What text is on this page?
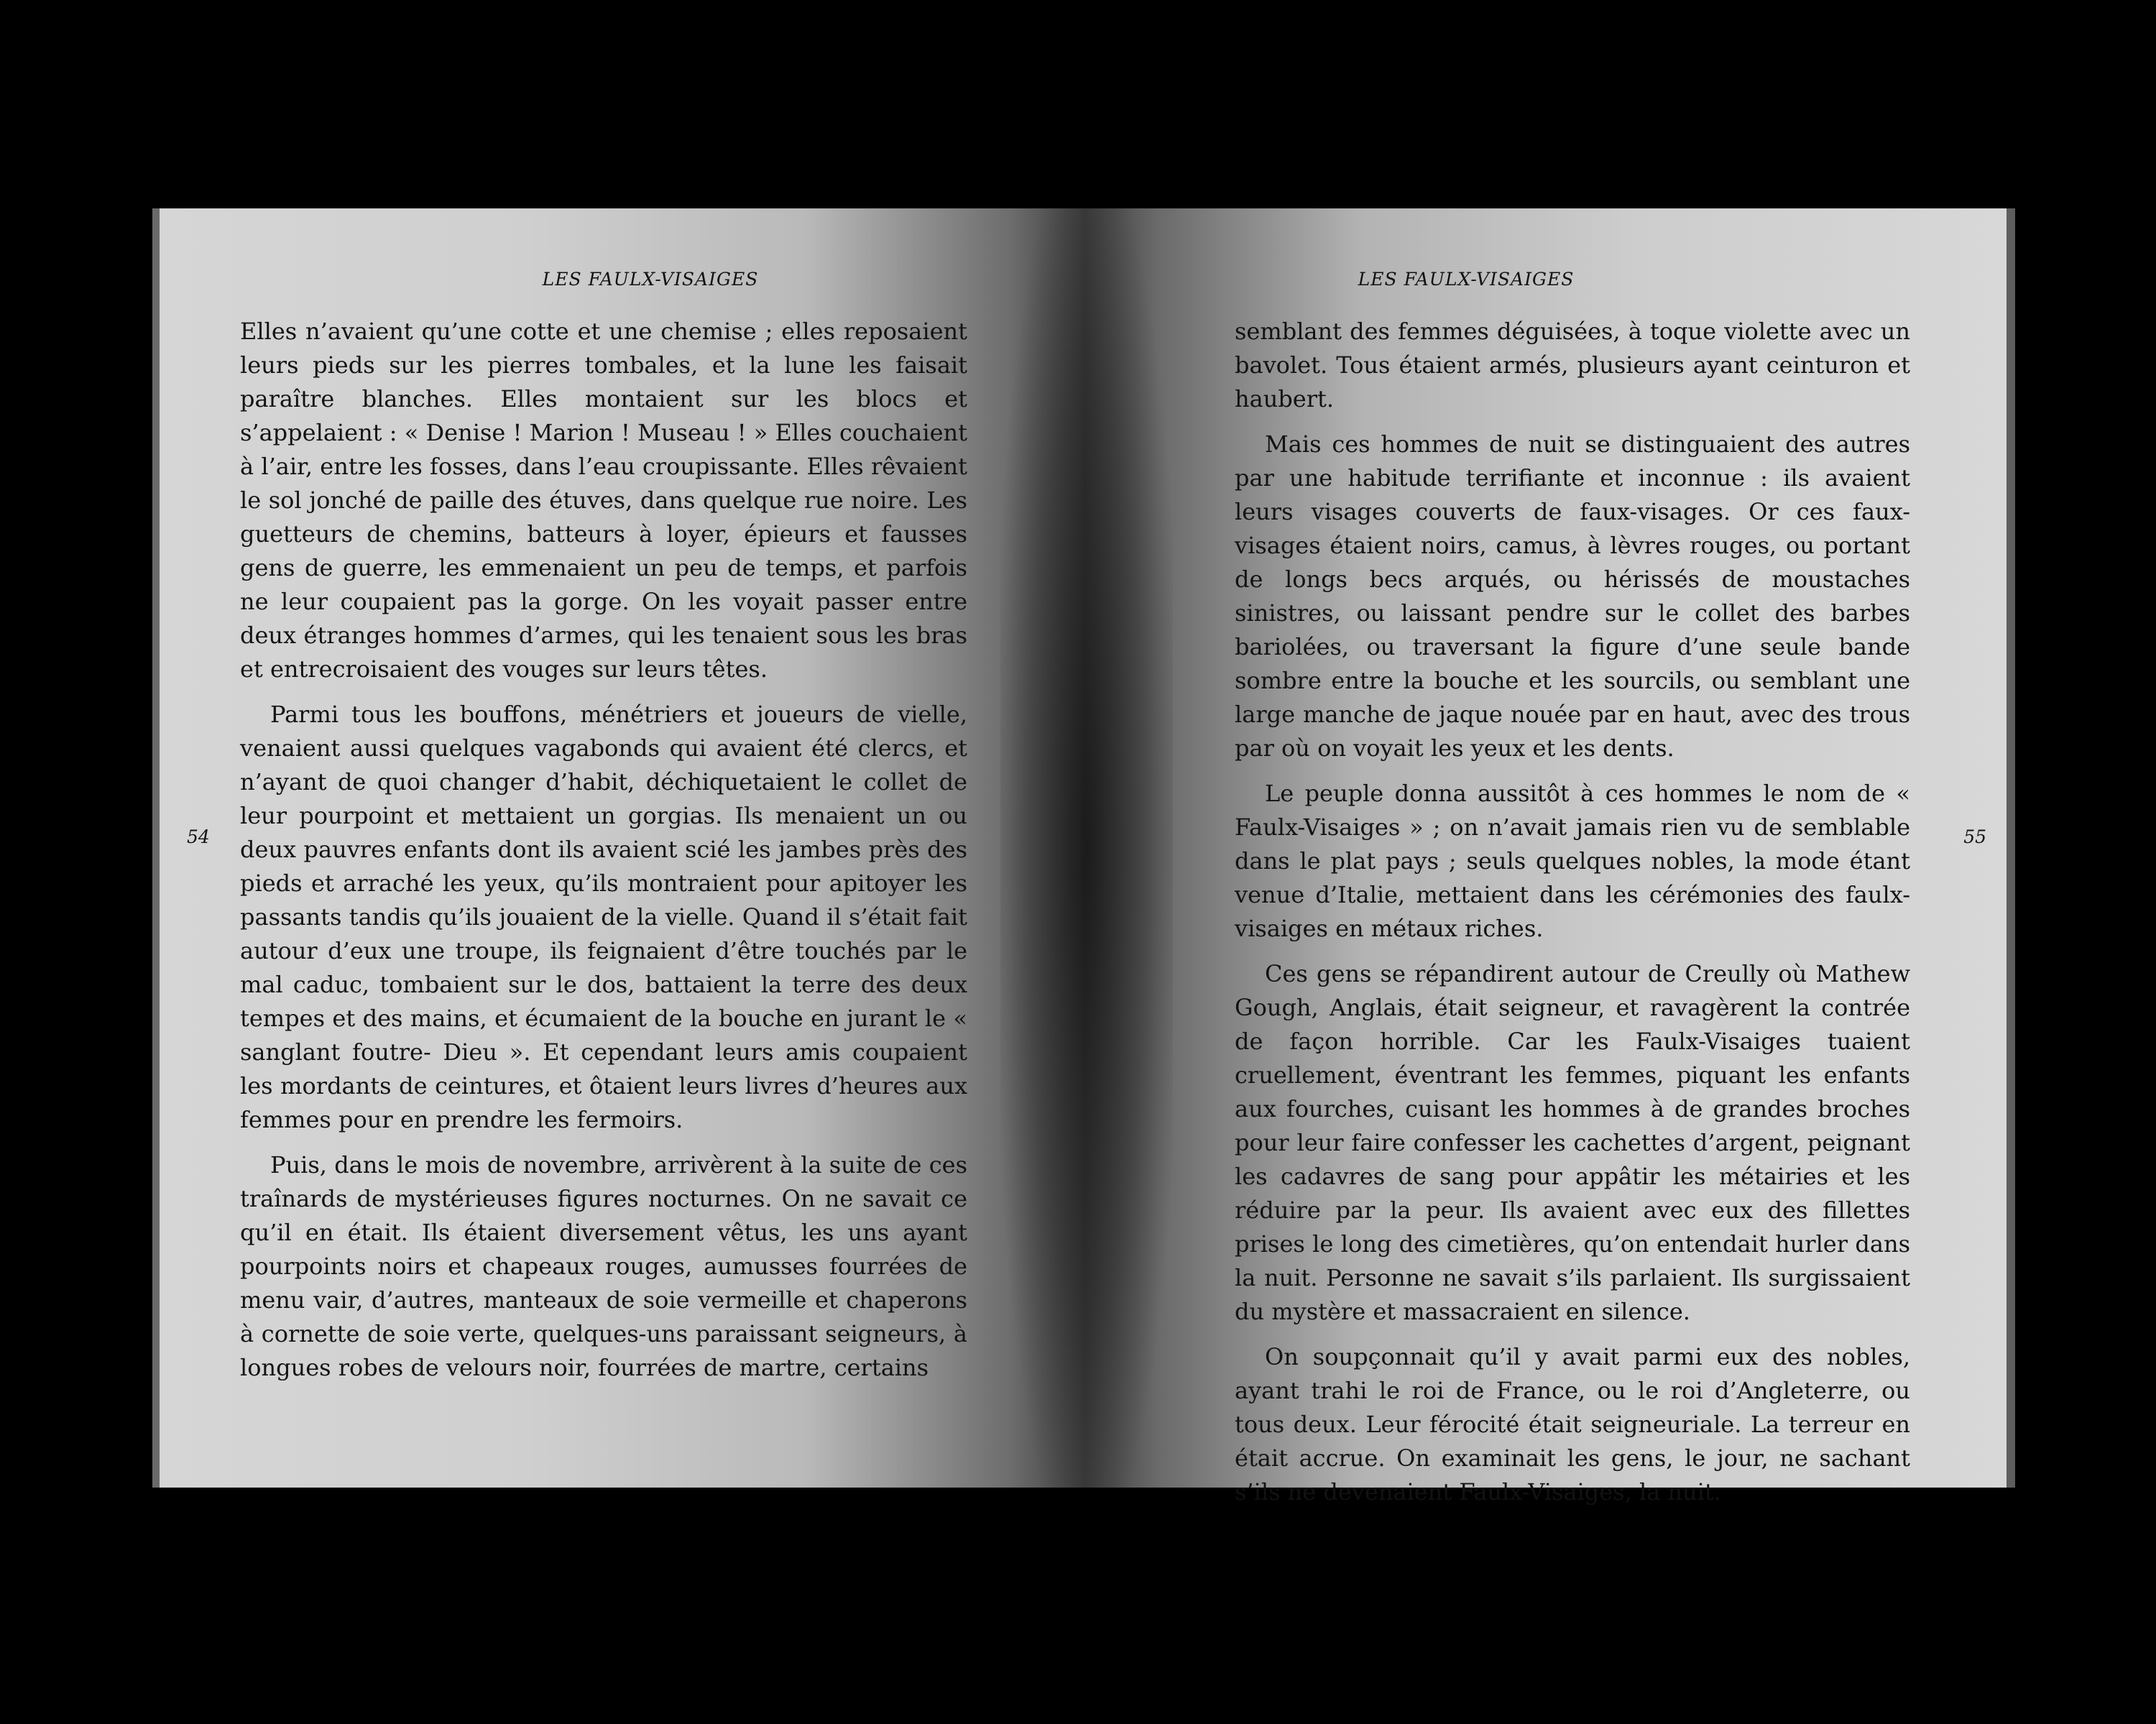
LES FAULX-VISAIGES
54

Elles n’avaient qu’une cotte et une chemise ; elles reposaient leurs pieds sur les pierres tombales, et la lune les faisait paraître blanches. Elles montaient sur les blocs et s’appelaient : « Denise ! Marion ! Museau ! » Elles couchaient à l’air, entre les fosses, dans l’eau croupissante. Elles rêvaient le sol jonché de paille des étuves, dans quelque rue noire. Les guetteurs de chemins, batteurs à loyer, épieurs et fausses gens de guerre, les emmenaient un peu de temps, et parfois ne leur coupaient pas la gorge. On les voyait passer entre deux étranges hommes d’armes, qui les tenaient sous les bras et entrecroisaient des vouges sur leurs têtes.

Parmi tous les bouffons, ménétriers et joueurs de vielle, venaient aussi quelques vagabonds qui avaient été clercs, et n’ayant de quoi changer d’habit, déchiquetaient le collet de leur pourpoint et mettaient un gorgias. Ils menaient un ou deux pauvres enfants dont ils avaient scié les jambes près des pieds et arraché les yeux, qu’ils montraient pour apitoyer les passants tandis qu’ils jouaient de la vielle. Quand il s’était fait autour d’eux une troupe, ils feignaient d’être touchés par le mal caduc, tombaient sur le dos, battaient la terre des deux tempes et des mains, et écumaient de la bouche en jurant le « sanglant foutre- Dieu ». Et cependant leurs amis coupaient les mordants de ceintures, et ôtaient leurs livres d’heures aux femmes pour en prendre les fermoirs.

Puis, dans le mois de novembre, arrivèrent à la suite de ces traînards de mystérieuses figures nocturnes. On ne savait ce qu’il en était. Ils étaient diversement vêtus, les uns ayant pourpoints noirs et chapeaux rouges, aumusses fourrées de menu vair, d’autres, manteaux de soie vermeille et chaperons à cornette de soie verte, quelques-uns paraissant seigneurs, à longues robes de velours noir, fourrées de martre, certains

LES FAULX-VISAIGES
55

semblant des femmes déguisées, à toque violette avec un bavolet. Tous étaient armés, plusieurs ayant ceinturon et haubert.

Mais ces hommes de nuit se distinguaient des autres par une habitude terrifiante et inconnue : ils avaient leurs visages couverts de faux-visages. Or ces faux-visages étaient noirs, camus, à lèvres rouges, ou portant de longs becs arqués, ou hérissés de moustaches sinistres, ou laissant pendre sur le collet des barbes bariolées, ou traversant la figure d’une seule bande sombre entre la bouche et les sourcils, ou semblant une large manche de jaque nouée par en haut, avec des trous par où on voyait les yeux et les dents.

Le peuple donna aussitôt à ces hommes le nom de « Faulx-Visaiges » ; on n’avait jamais rien vu de semblable dans le plat pays ; seuls quelques nobles, la mode étant venue d’Italie, mettaient dans les cérémonies des faulx-visaiges en métaux riches.

Ces gens se répandirent autour de Creully où Mathew Gough, Anglais, était seigneur, et ravagèrent la contrée de façon horrible. Car les Faulx-Visaiges tuaient cruellement, éventrant les femmes, piquant les enfants aux fourches, cuisant les hommes à de grandes broches pour leur faire confesser les cachettes d’argent, peignant les cadavres de sang pour appâtir les métairies et les réduire par la peur. Ils avaient avec eux des fillettes prises le long des cimetières, qu’on entendait hurler dans la nuit. Personne ne savait s’ils parlaient. Ils surgissaient du mystère et massacraient en silence.

On soupçonnait qu’il y avait parmi eux des nobles, ayant trahi le roi de France, ou le roi d’Angleterre, ou tous deux. Leur férocité était seigneuriale. La terreur en était accrue. On examinait les gens, le jour, ne sachant s’ils ne devenaient Faulx-Visaiges, la nuit.
